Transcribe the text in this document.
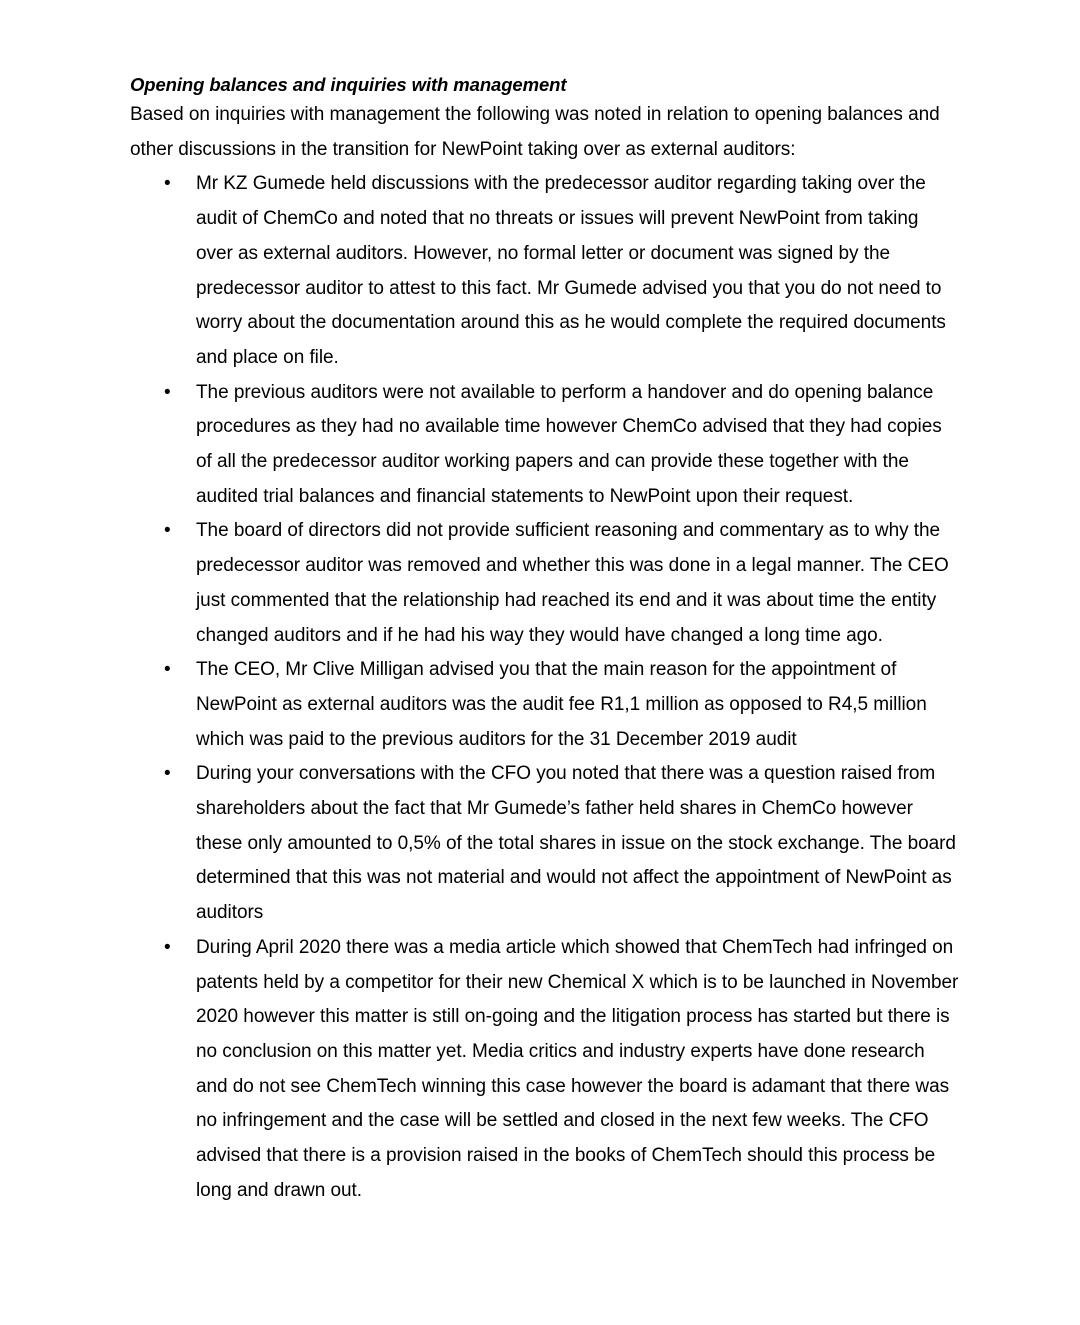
Opening balances and inquiries with management

Based on inquiries with management the following was noted in relation to opening balances and other discussions in the transition for NewPoint taking over as external auditors:

• Mr KZ Gumede held discussions with the predecessor auditor regarding taking over the audit of ChemCo and noted that no threats or issues will prevent NewPoint from taking over as external auditors. However, no formal letter or document was signed by the predecessor auditor to attest to this fact. Mr Gumede advised you that you do not need to worry about the documentation around this as he would complete the required documents and place on file.
• The previous auditors were not available to perform a handover and do opening balance procedures as they had no available time however ChemCo advised that they had copies of all the predecessor auditor working papers and can provide these together with the audited trial balances and financial statements to NewPoint upon their request.
• The board of directors did not provide sufficient reasoning and commentary as to why the predecessor auditor was removed and whether this was done in a legal manner. The CEO just commented that the relationship had reached its end and it was about time the entity changed auditors and if he had his way they would have changed a long time ago.
• The CEO, Mr Clive Milligan advised you that the main reason for the appointment of NewPoint as external auditors was the audit fee R1,1 million as opposed to R4,5 million which was paid to the previous auditors for the 31 December 2019 audit
• During your conversations with the CFO you noted that there was a question raised from shareholders about the fact that Mr Gumede’s father held shares in ChemCo however these only amounted to 0,5% of the total shares in issue on the stock exchange. The board determined that this was not material and would not affect the appointment of NewPoint as auditors
• During April 2020 there was a media article which showed that ChemTech had infringed on patents held by a competitor for their new Chemical X which is to be launched in November 2020 however this matter is still on-going and the litigation process has started but there is no conclusion on this matter yet. Media critics and industry experts have done research and do not see ChemTech winning this case however the board is adamant that there was no infringement and the case will be settled and closed in the next few weeks. The CFO advised that there is a provision raised in the books of ChemTech should this process be long and drawn out.
